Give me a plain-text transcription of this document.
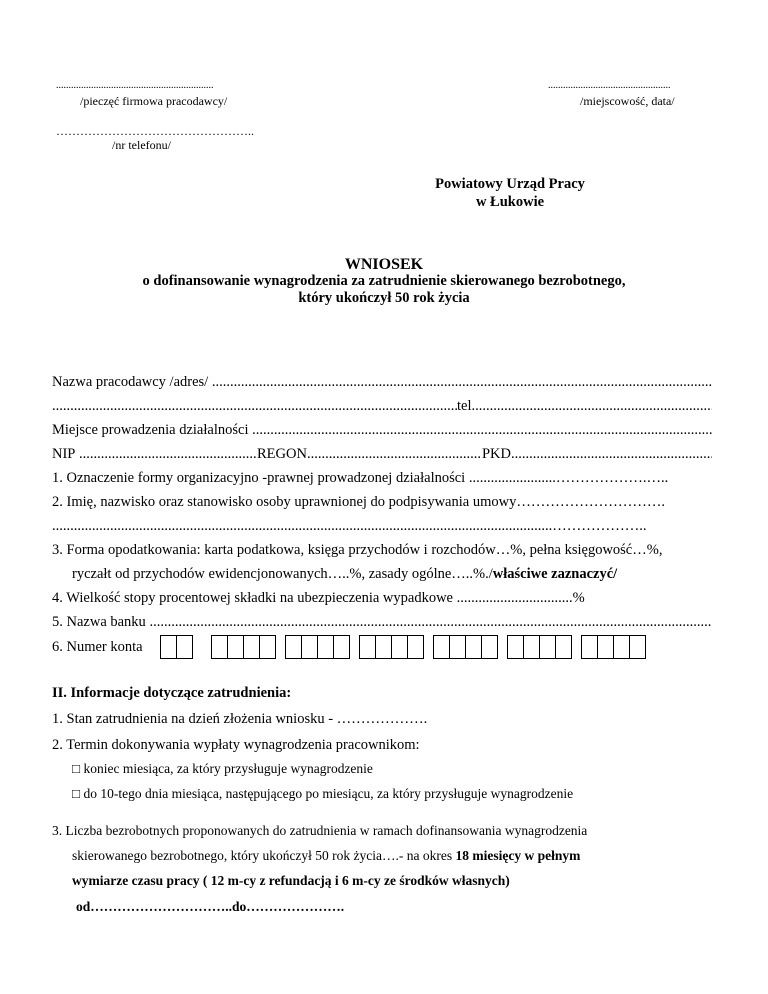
...............................................................
/pieczęć firmowa pracodawcy/
.................................................
/miejscowość, data/
…………………………………………..
/nr telefonu/
Powiatowy Urząd Pracy
w Łukowie
WNIOSEK
o dofinansowanie wynagrodzenia za zatrudnienie skierowanego bezrobotnego,
który ukończył 50 rok życia
Nazwa pracodawcy /adres/

.....
.....
tel
.....
Miejsce prowadzenia działalności

.....
NIP
.....	REGON .....	PKD
.....
1. Oznaczenie formy organizacyjno -prawnej prowadzonej działalności ........................……………….…..
2. Imię, nazwisko oraz stanowisko osoby uprawnionej do podpisywania umowy………………………….
..........................................................................................................................................………………..
3. Forma opodatkowania: karta podatkowa, księga przychodów i rozchodów…%, pełna księgowość…%,
ryczałt od przychodów ewidencjonowanych…..%, zasady ogólne…..%./właściwe zaznaczyć/
4. Wielkość stopy procentowej składki na ubezpieczenia wypadkowe ................................%
5. Nazwa banku

.....
6. Numer konta
II. Informacje dotyczące zatrudnienia:
1. Stan zatrudnienia na dzień złożenia wniosku - ……………….
2. Termin dokonywania wypłaty wynagrodzenia pracownikom:
□ koniec miesiąca, za który przysługuje wynagrodzenie
□ do 10-tego dnia miesiąca, następującego po miesiącu, za który przysługuje wynagrodzenie
3. Liczba bezrobotnych proponowanych do zatrudnienia w ramach dofinansowania wynagrodzenia
skierowanego bezrobotnego, który ukończył 50 rok życia….- na okres 18 miesięcy w pełnym
wymiarze czasu pracy ( 12 m-cy z refundacją i 6 m-cy ze środków własnych)
od…………………………..do………………….
